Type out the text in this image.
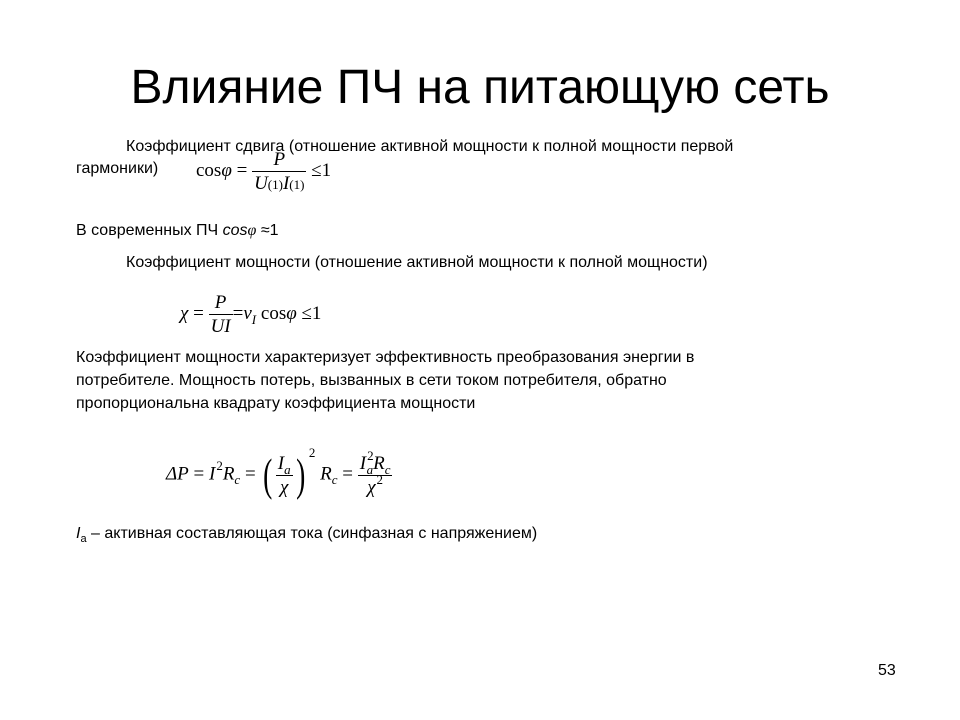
Влияние ПЧ на питающую сеть
Коэффициент сдвига (отношение активной мощности к полной мощности первой
гармоники) $\cos\varphi = \frac{P}{U(1)I(1)} \le 1$
В современных ПЧ cosφ ≈1
Коэффициент мощности (отношение активной мощности к полной мощности)
$\chi = \frac{P}{UI} =\nu_I$ cosφ ≤1
Коэффициент мощности характеризует эффективность преобразования энергии в
потребителе. Мощность потерь, вызванных в сети током потребителя, обратно
пропорциональна квадрату коэффициента мощности
$\Delta P = I^2R_c$ = ( $\frac{I_a}{\chi}$ ) $^2$ $R_c = \frac{I^2_aR_c}{\chi^2}$
$I_а$ – активная составляющая тока (синфазная с напряжением)
53
